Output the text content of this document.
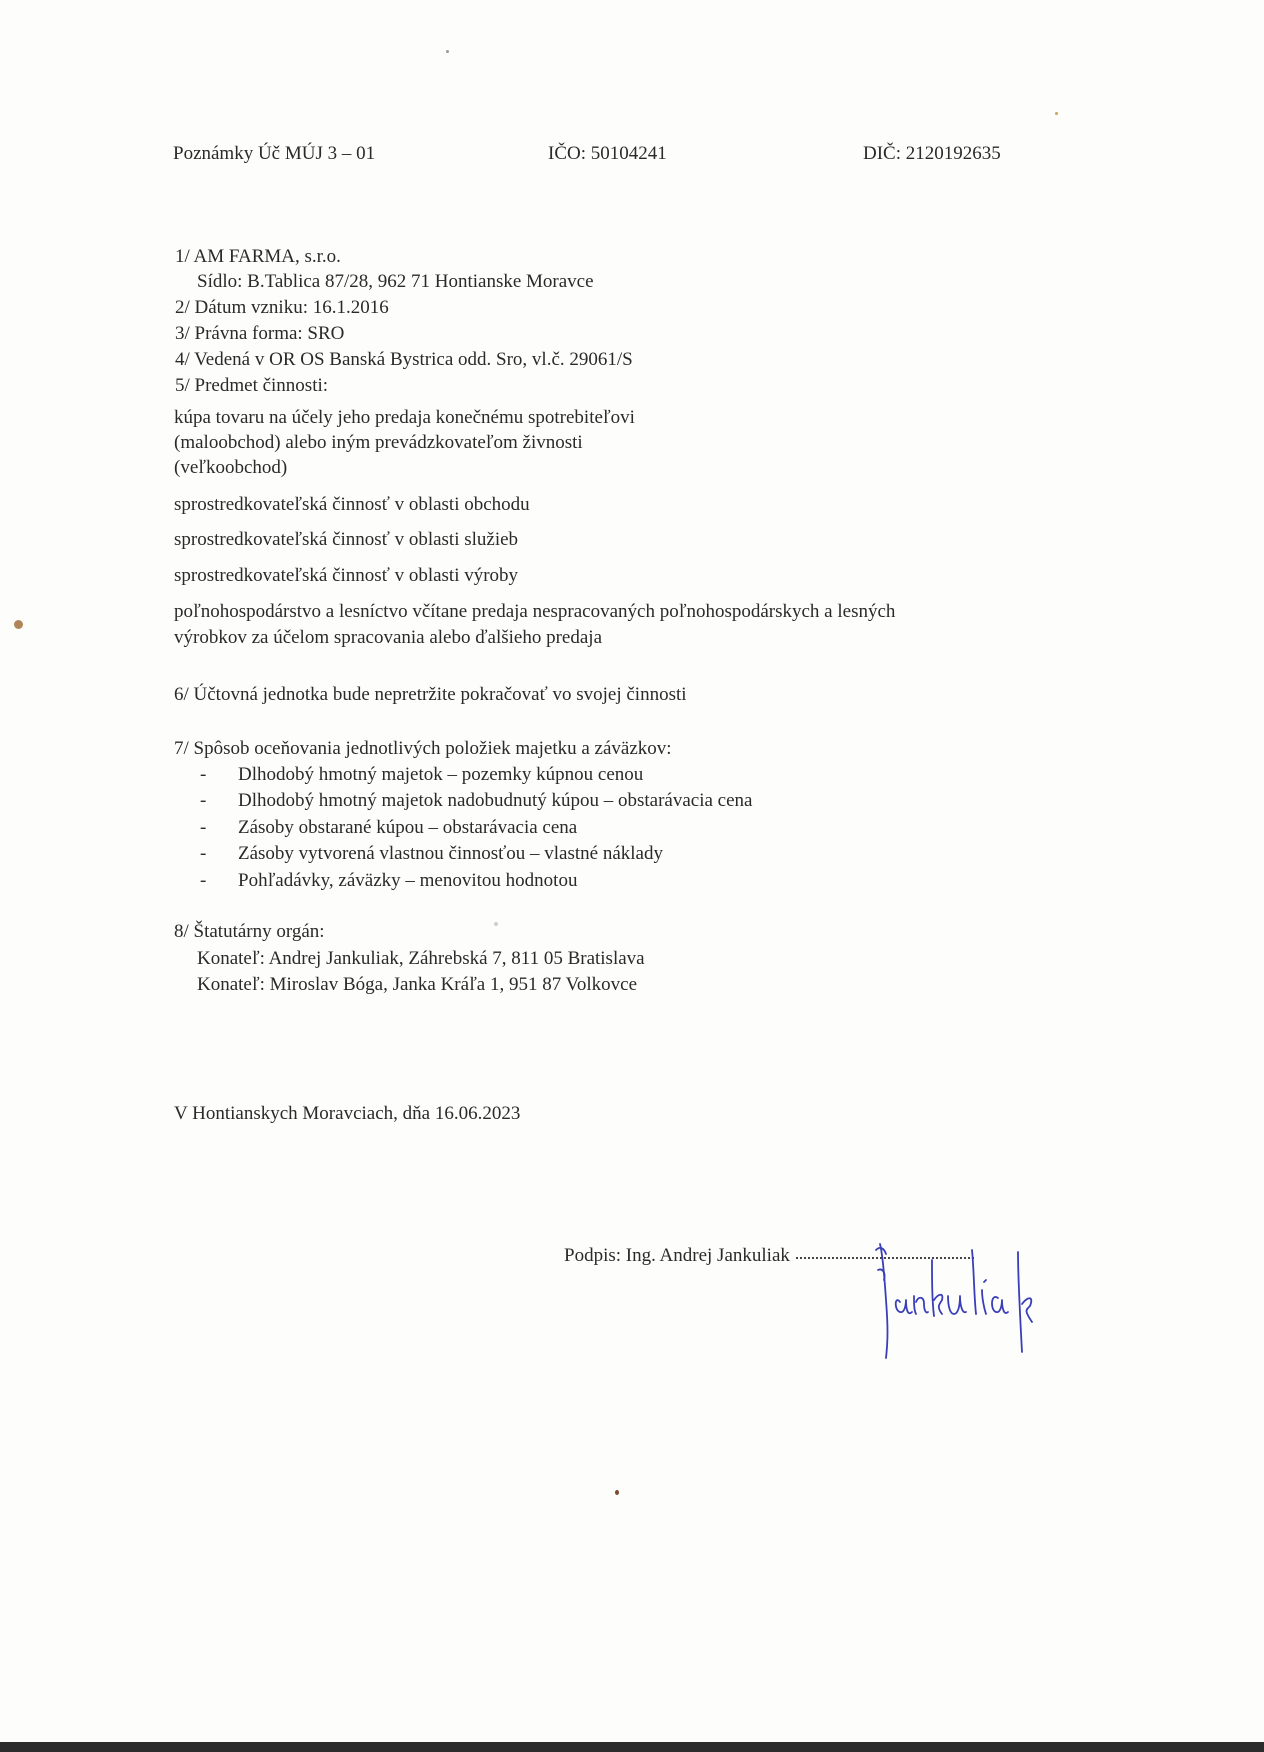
Poznámky Úč MÚJ 3 – 01	IČO: 50104241	DIČ: 2120192635
1/ AM FARMA, s.r.o.
Sídlo: B.Tablica 87/28, 962 71 Hontianske Moravce
2/ Dátum vzniku: 16.1.2016
3/ Právna forma: SRO
4/ Vedená v OR OS Banská Bystrica odd. Sro, vl.č. 29061/S
5/ Predmet činnosti:
kúpa tovaru na účely jeho predaja konečnému spotrebiteľovi
(maloobchod) alebo iným prevádzkovateľom živnosti
(veľkoobchod)
sprostredkovateľská činnosť v oblasti obchodu
sprostredkovateľská činnosť v oblasti služieb
sprostredkovateľská činnosť v oblasti výroby
poľnohospodárstvo a lesníctvo včítane predaja nespracovaných poľnohospodárskych a lesných
výrobkov za účelom spracovania alebo ďalšieho predaja
6/ Účtovná jednotka bude nepretržite pokračovať vo svojej činnosti
7/ Spôsob oceňovania jednotlivých položiek majetku a záväzkov:
- Dlhodobý hmotný majetok – pozemky kúpnou cenou
- Dlhodobý hmotný majetok nadobudnutý kúpou – obstarávacia cena
- Zásoby obstarané kúpou – obstarávacia cena
- Zásoby vytvorená vlastnou činnosťou – vlastné náklady
- Pohľadávky, záväzky – menovitou hodnotou
8/ Štatutárny orgán:
Konateľ: Andrej Jankuliak, Záhrebská 7, 811 05 Bratislava
Konateľ: Miroslav Bóga, Janka Kráľa 1, 951 87 Volkovce
V Hontianskych Moravciach, dňa 16.06.2023
Podpis: Ing. Andrej Jankuliak
